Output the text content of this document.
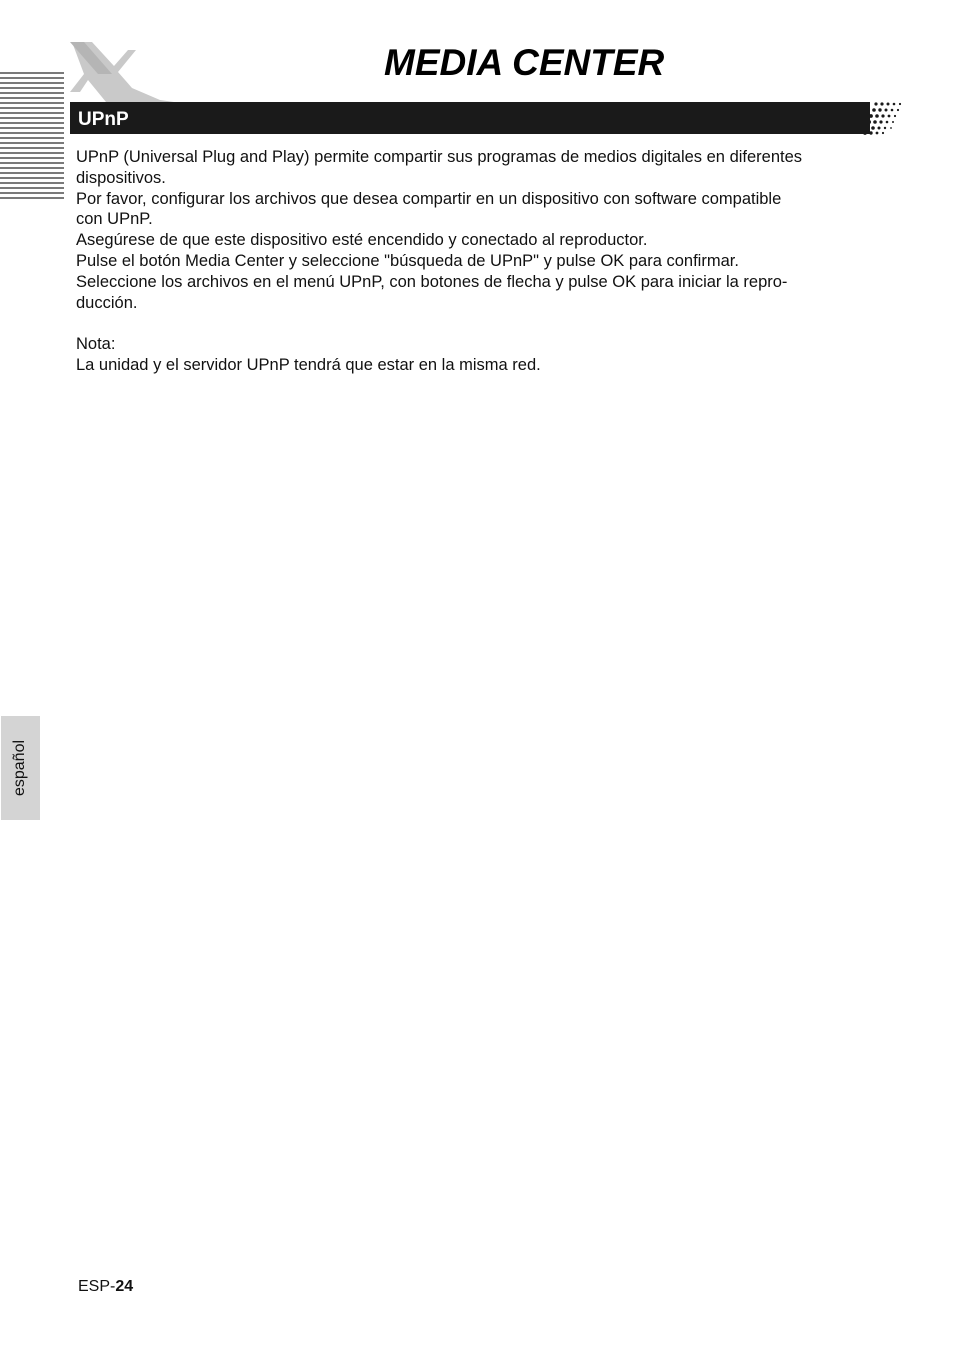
MEDIA CENTER
UPnP

UPnP (Universal Plug and Play) permite compartir sus programas de medios digitales en diferentes

dispositivos.

Por favor, configurar los archivos que desea compartir en un dispositivo con software compatible

con UPnP.

Asegúrese de que este dispositivo esté encendido y conectado al reproductor.

Pulse el botón Media Center y seleccione "búsqueda de UPnP" y pulse OK para confirmar.

Seleccione los archivos en el menú UPnP, con botones de flecha y pulse OK para iniciar la repro-

ducción.

Nota:

La unidad y el servidor UPnP tendrá que estar en la misma red.

español
ESP-24
